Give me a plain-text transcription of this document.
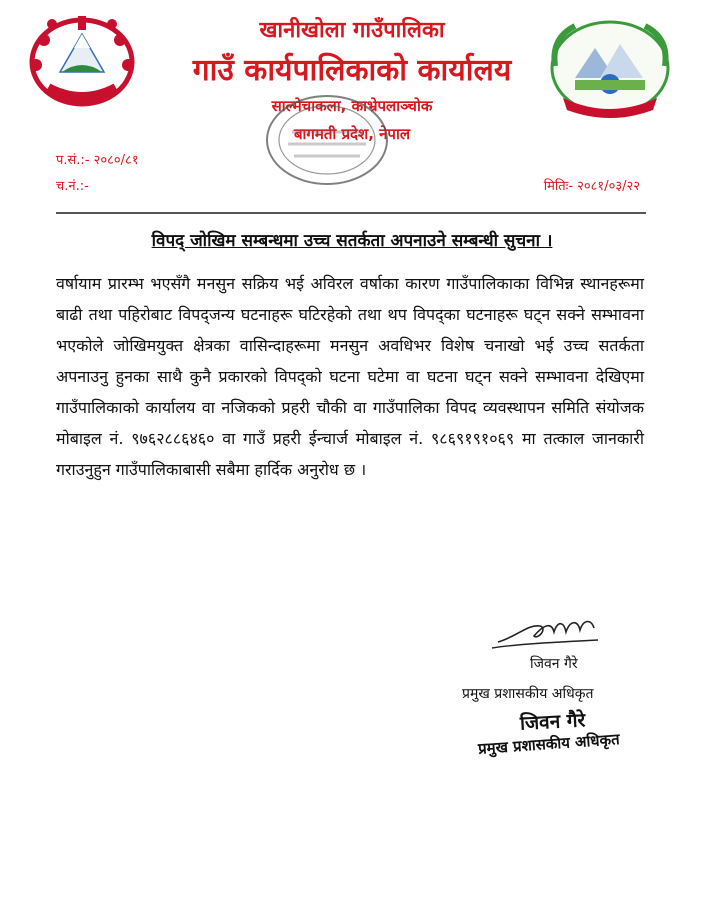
खानीखोला गाउँपालिका
गाउँ कार्यपालिकाको कार्यालय
साल्मेचाकला, काभ्रेपलाञ्चोक
बागमती प्रदेश, नेपाल
प.सं.:- २०८०/८१
च.नं.:-	मितिः- २०८१/०३/२२
विपद् जोखिम सम्बन्धमा उच्च सतर्कता अपनाउने सम्बन्धी सुचना ।
वर्षायाम प्रारम्भ भएसँगै मनसुन सक्रिय भई अविरल वर्षाका कारण गाउँपालिकाका विभिन्न स्थानहरूमा बाढी तथा पहिरोबाट विपद्जन्य घटनाहरू घटिरहेको तथा थप विपद्का घटनाहरू घट्न सक्ने सम्भावना भएकोले जोखिमयुक्त क्षेत्रका वासिन्दाहरूमा मनसुन अवधिभर विशेष चनाखो भई उच्च सतर्कता अपनाउनु हुनका साथै कुनै प्रकारको विपद्को घटना घटेमा वा घटना घट्न सक्ने सम्भावना देखिएमा गाउँपालिकाको कार्यालय वा नजिकको प्रहरी चौकी वा गाउँपालिका विपद व्यवस्थापन समिति संयोजक मोबाइल नं. ९७६२८८६४६० वा गाउँ प्रहरी ईन्चार्ज मोबाइल नं. ९८६९१९१०६९ मा तत्काल जानकारी गराउनुहुन गाउँपालिकाबासी सबैमा हार्दिक अनुरोध छ ।
जिवन गैरे
प्रमुख प्रशासकीय अधिकृत
जिवन गैरे
प्रमुख प्रशासकीय अधिकृत
